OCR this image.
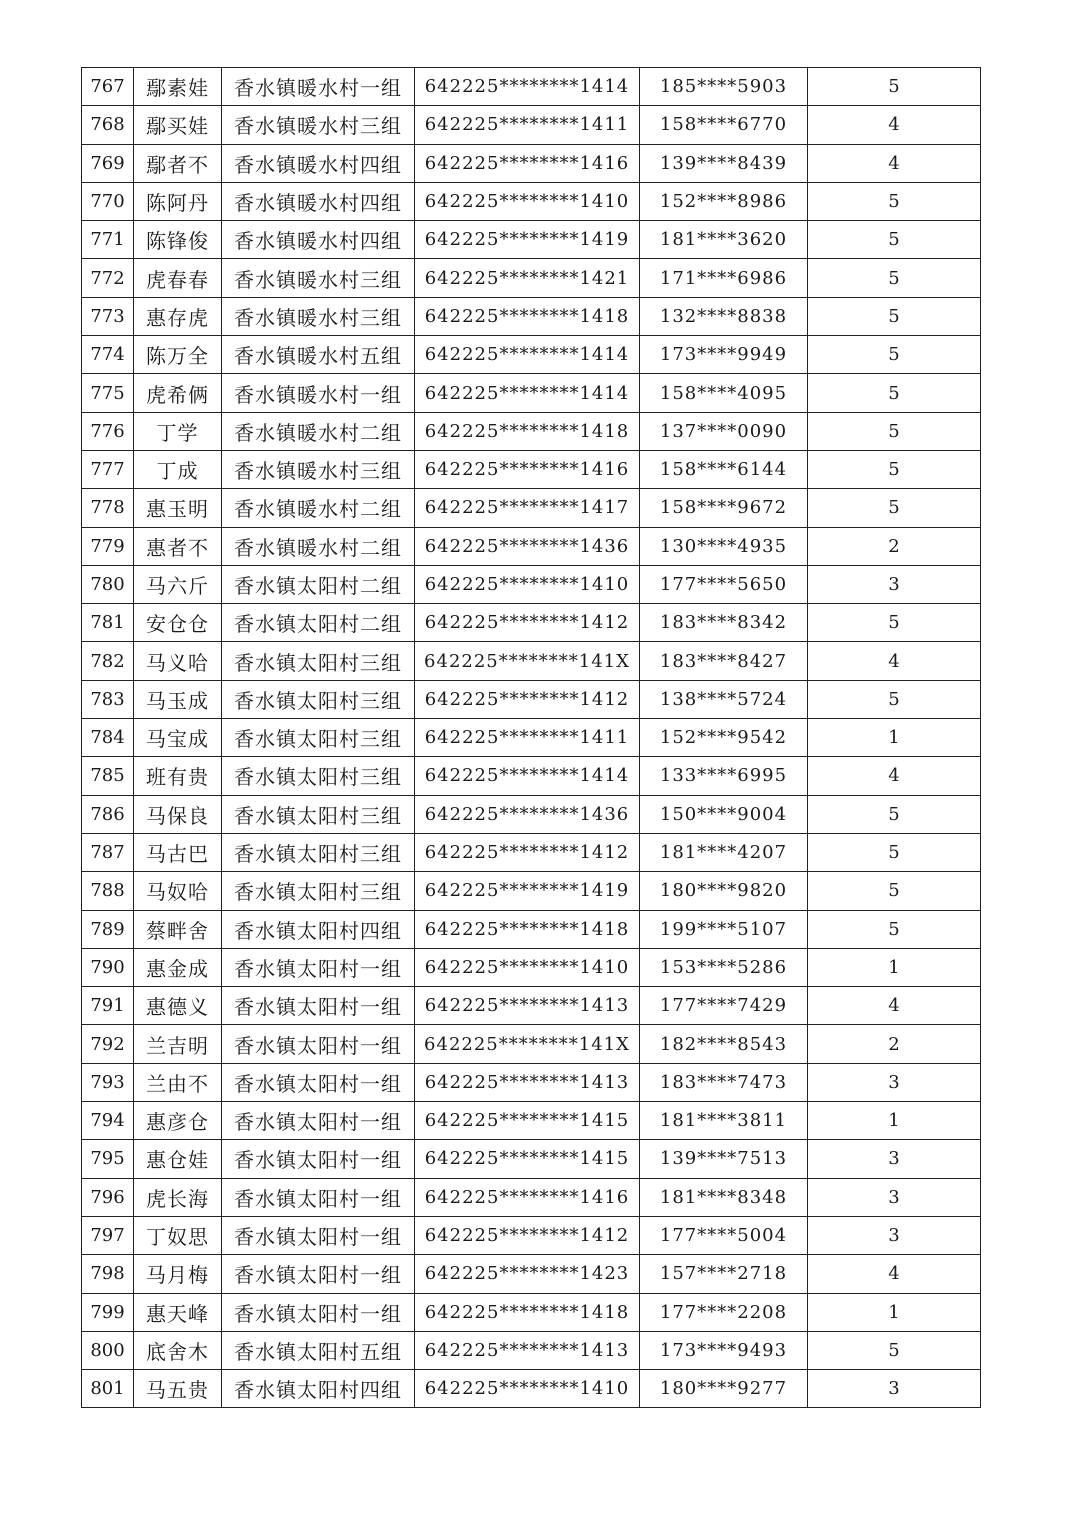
767	鄢素娃	香水镇暖水村一组	642225********1414	185****5903	5
768	鄢买娃	香水镇暖水村三组	642225********1411	158****6770	4
769	鄢者不	香水镇暖水村四组	642225********1416	139****8439	4
770	陈阿丹	香水镇暖水村四组	642225********1410	152****8986	5
771	陈锋俊	香水镇暖水村四组	642225********1419	181****3620	5
772	虎春春	香水镇暖水村三组	642225********1421	171****6986	5
773	惠存虎	香水镇暖水村三组	642225********1418	132****8838	5
774	陈万全	香水镇暖水村五组	642225********1414	173****9949	5
775	虎希俩	香水镇暖水村一组	642225********1414	158****4095	5
776	丁学	香水镇暖水村二组	642225********1418	137****0090	5
777	丁成	香水镇暖水村三组	642225********1416	158****6144	5
778	惠玉明	香水镇暖水村二组	642225********1417	158****9672	5
779	惠者不	香水镇暖水村二组	642225********1436	130****4935	2
780	马六斤	香水镇太阳村二组	642225********1410	177****5650	3
781	安仓仓	香水镇太阳村二组	642225********1412	183****8342	5
782	马义哈	香水镇太阳村三组	642225********141X	183****8427	4
783	马玉成	香水镇太阳村三组	642225********1412	138****5724	5
784	马宝成	香水镇太阳村三组	642225********1411	152****9542	1
785	班有贵	香水镇太阳村三组	642225********1414	133****6995	4
786	马保良	香水镇太阳村三组	642225********1436	150****9004	5
787	马古巴	香水镇太阳村三组	642225********1412	181****4207	5
788	马奴哈	香水镇太阳村三组	642225********1419	180****9820	5
789	蔡畔舍	香水镇太阳村四组	642225********1418	199****5107	5
790	惠金成	香水镇太阳村一组	642225********1410	153****5286	1
791	惠德义	香水镇太阳村一组	642225********1413	177****7429	4
792	兰吉明	香水镇太阳村一组	642225********141X	182****8543	2
793	兰由不	香水镇太阳村一组	642225********1413	183****7473	3
794	惠彦仓	香水镇太阳村一组	642225********1415	181****3811	1
795	惠仓娃	香水镇太阳村一组	642225********1415	139****7513	3
796	虎长海	香水镇太阳村一组	642225********1416	181****8348	3
797	丁奴思	香水镇太阳村一组	642225********1412	177****5004	3
798	马月梅	香水镇太阳村一组	642225********1423	157****2718	4
799	惠天峰	香水镇太阳村一组	642225********1418	177****2208	1
800	底舍木	香水镇太阳村五组	642225********1413	173****9493	5
801	马五贵	香水镇太阳村四组	642225********1410	180****9277	3
